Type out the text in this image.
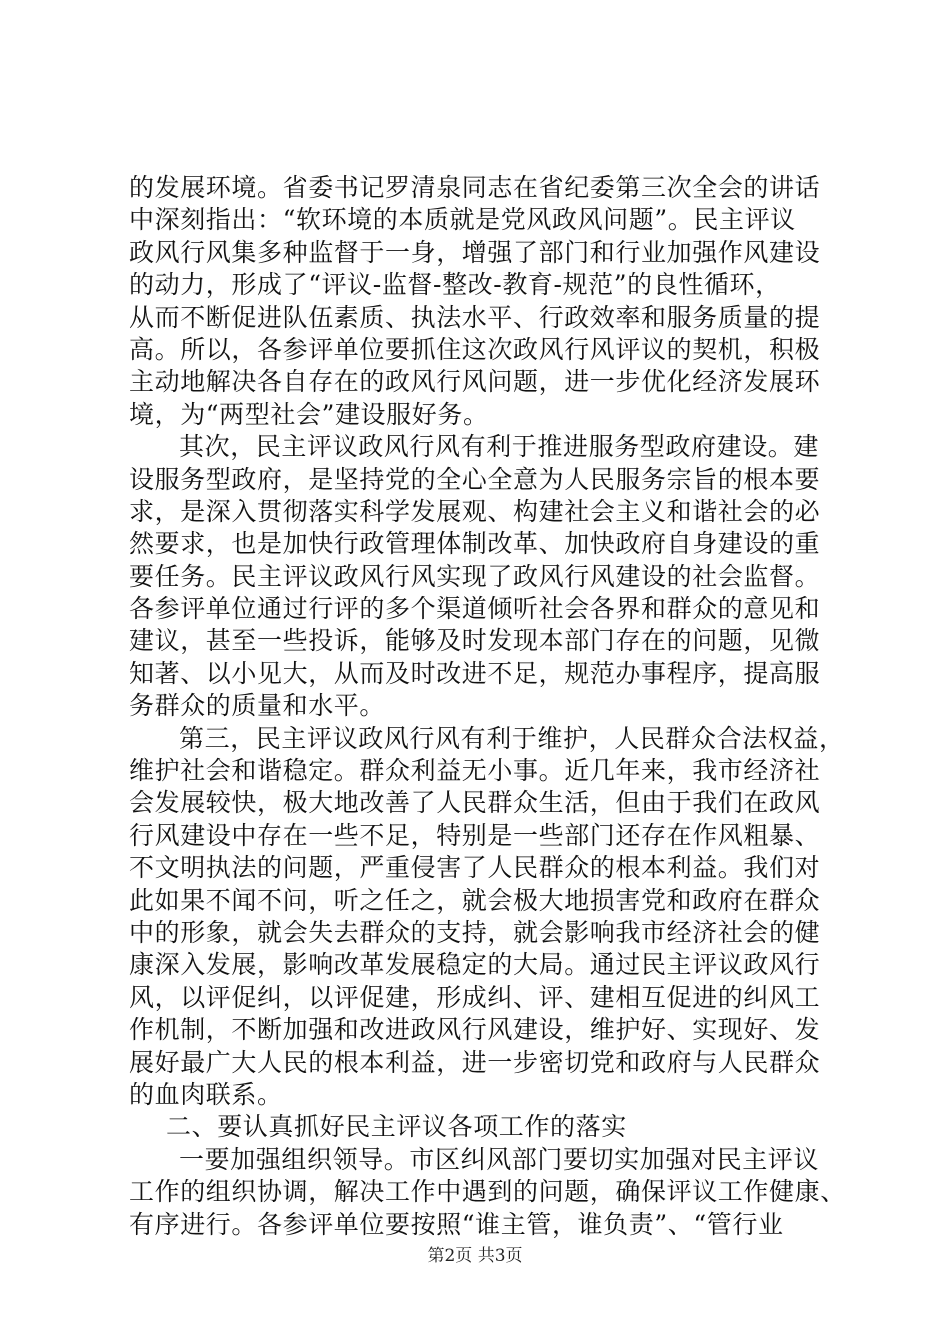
的发展环境。省委书记罗清泉同志在省纪委第三次全会的讲话
中深刻指出：“软环境的本质就是党风政风问题”。民主评议
政风行风集多种监督于一身，增强了部门和行业加强作风建设
的动力，形成了“评议-监督-整改-教育-规范”的良性循环，
从而不断促进队伍素质、执法水平、行政效率和服务质量的提
高。所以，各参评单位要抓住这次政风行风评议的契机，积极
主动地解决各自存在的政风行风问题，进一步优化经济发展环
境，为“两型社会”建设服好务。
其次，民主评议政风行风有利于推进服务型政府建设。建
设服务型政府，是坚持党的全心全意为人民服务宗旨的根本要
求，是深入贯彻落实科学发展观、构建社会主义和谐社会的必
然要求，也是加快行政管理体制改革、加快政府自身建设的重
要任务。民主评议政风行风实现了政风行风建设的社会监督。
各参评单位通过行评的多个渠道倾听社会各界和群众的意见和
建议，甚至一些投诉，能够及时发现本部门存在的问题，见微
知著、以小见大，从而及时改进不足，规范办事程序，提高服
务群众的质量和水平。
第三，民主评议政风行风有利于维护，人民群众合法权益，
维护社会和谐稳定。群众利益无小事。近几年来，我市经济社
会发展较快，极大地改善了人民群众生活，但由于我们在政风
行风建设中存在一些不足，特别是一些部门还存在作风粗暴、
不文明执法的问题，严重侵害了人民群众的根本利益。我们对
此如果不闻不问，听之任之，就会极大地损害党和政府在群众
中的形象，就会失去群众的支持，就会影响我市经济社会的健
康深入发展，影响改革发展稳定的大局。通过民主评议政风行
风，以评促纠，以评促建，形成纠、评、建相互促进的纠风工
作机制，不断加强和改进政风行风建设，维护好、实现好、发
展好最广大人民的根本利益，进一步密切党和政府与人民群众
的血肉联系。
二、要认真抓好民主评议各项工作的落实
一要加强组织领导。市区纠风部门要切实加强对民主评议
工作的组织协调，解决工作中遇到的问题，确保评议工作健康、
有序进行。各参评单位要按照“谁主管，谁负责”、“管行业
第2页 共3页
